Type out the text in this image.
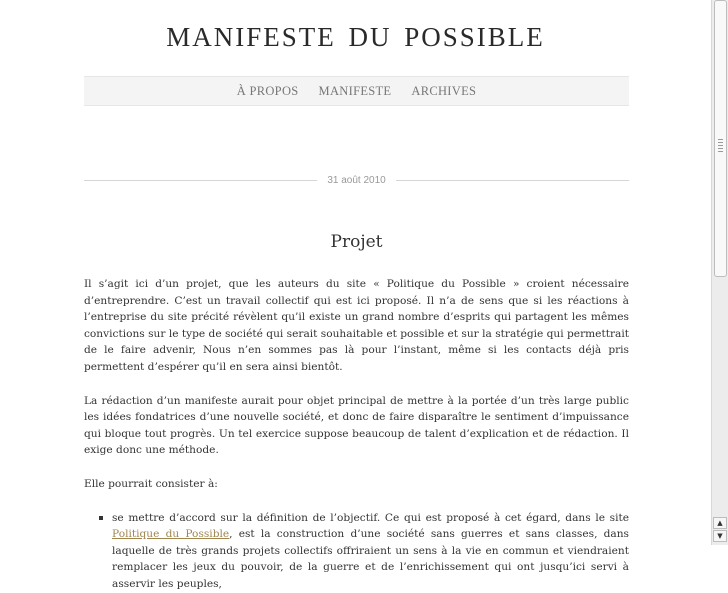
MANIFESTE DU POSSIBLE
À PROPOS MANIFESTE ARCHIVES
31 août 2010
Projet

Il s’agit ici d’un projet, que les auteurs du site « Politique du Possible » croient nécessaire d’entreprendre. C’est un travail collectif qui est ici proposé. Il n’a de sens que si les réactions à l’entreprise du site précité révèlent qu’il existe un grand nombre d’esprits qui partagent les mêmes convictions sur le type de société qui serait souhaitable et possible et sur la stratégie qui permettrait de le faire advenir, Nous n’en sommes pas là pour l’instant, même si les contacts déjà pris permettent d’espérer qu’il en sera ainsi bientôt.

La rédaction d’un manifeste aurait pour objet principal de mettre à la portée d’un très large public les idées fondatrices d’une nouvelle société, et donc de faire disparaître le sentiment d’impuissance qui bloque tout progrès. Un tel exercice suppose beaucoup de talent d’explication et de rédaction. Il exige donc une méthode.

Elle pourrait consister à:

se mettre d’accord sur la définition de l’objectif. Ce qui est proposé à cet égard, dans le site Politique du Possible, est la construction d’une société sans guerres et sans classes, dans laquelle de très grands projets collectifs offriraient un sens à la vie en commun et viendraient remplacer les jeux du pouvoir, de la guerre et de l’enrichissement qui ont jusqu’ici servi à asservir les peuples,
▲
▼
